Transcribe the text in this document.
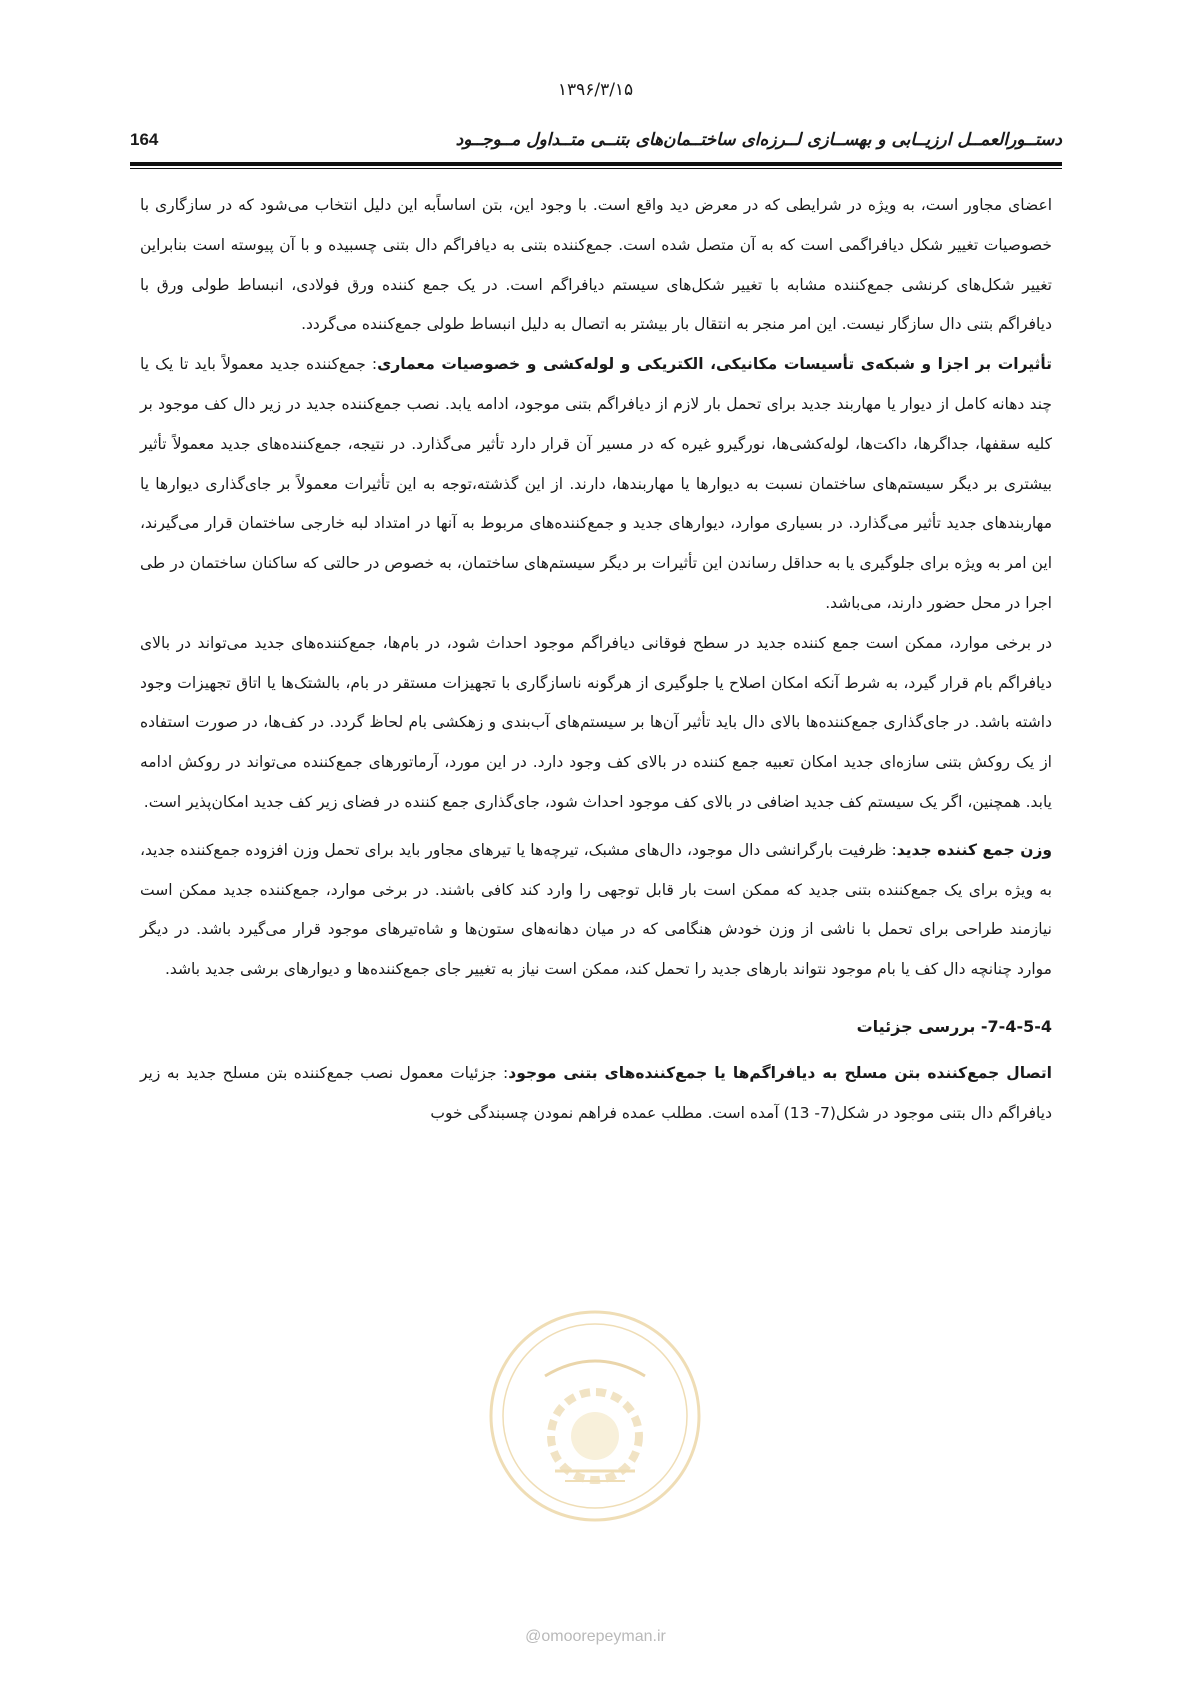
۱۳۹۶/۳/۱۵
دستــورالعمــل ارزیــابی و بهســازی لــرزه‌ای ساختــمان‌های بتنــی متــداول مــوجــود
164

اعضای مجاور است، به ویژه در شرایطی که در معرض دید واقع است. با وجود این، بتن اساساًبه این دلیل انتخاب می‌شود که در سازگاری با خصوصیات تغییر شکل دیافراگمی است که به آن متصل شده است. جمع‌کننده بتنی به دیافراگم دال بتنی چسبیده و با آن پیوسته است بنابراین تغییر شکل‌های کرنشی جمع‌کننده مشابه با تغییر شکل‌های سیستم دیافراگم است. در یک جمع کننده ورق فولادی، انبساط طولی ورق با دیافراگم بتنی دال سازگار نیست. این امر منجر به انتقال بار بیشتر به اتصال به دلیل انبساط طولی جمع‌کننده می‌گردد.

تأثیرات بر اجزا و شبکه‌ی تأسیسات مکانیکی، الکتریکی و لوله‌کشی و خصوصیات معماری: جمع‌کننده جدید معمولاً باید تا یک یا چند دهانه کامل از دیوار یا مهاربند جدید برای تحمل بار لازم از دیافراگم بتنی موجود، ادامه یابد. نصب جمع‌کننده جدید در زیر دال کف موجود بر کلیه سقفها، جداگرها، داکت‌ها، لوله‌کشی‌ها، نورگیرو غیره که در مسیر آن قرار دارد تأثیر می‌گذارد. در نتیجه، جمع‌کننده‌های جدید معمولاً تأثیر بیشتری بر دیگر سیستم‌های ساختمان نسبت به دیوارها یا مهاربندها، دارند. از این گذشته،توجه به این تأثیرات معمولاً بر جای‌گذاری دیوارها یا مهاربندهای جدید تأثیر می‌گذارد. در بسیاری موارد، دیوارهای جدید و جمع‌کننده‌های مربوط به آنها در امتداد لبه خارجی ساختمان قرار می‌گیرند، این امر به ویژه برای جلوگیری یا به حداقل رساندن این تأثیرات بر دیگر سیستم‌های ساختمان، به خصوص در حالتی که ساکنان ساختمان در طی اجرا در محل حضور دارند، می‌باشد.

در برخی موارد، ممکن است جمع کننده جدید در سطح فوقانی دیافراگم موجود احداث شود، در بام‌ها، جمع‌کننده‌های جدید می‌تواند در بالای دیافراگم بام قرار گیرد، به شرط آنکه امکان اصلاح یا جلوگیری از هرگونه ناسازگاری با تجهیزات مستقر در بام، بالشتک‌ها یا اتاق تجهیزات وجود داشته باشد. در جای‌گذاری جمع‌کننده‌ها بالای دال باید تأثیر آن‌ها بر سیستم‌های آب‌بندی و زهکشی بام لحاظ گردد. در کف‌ها، در صورت استفاده از یک روکش بتنی سازه‌ای جدید امکان تعبیه جمع کننده در بالای کف وجود دارد. در این مورد، آرماتورهای جمع‌کننده می‌تواند در روکش ادامه یابد. همچنین، اگر یک سیستم کف جدید اضافی در بالای کف موجود احداث شود، جای‌گذاری جمع کننده در فضای زیر کف جدید امکان‌پذیر است.

وزن جمع کننده جدید: ظرفیت بارگرانشی دال موجود، دال‌های مشبک، تیرچه‌ها یا تیرهای مجاور باید برای تحمل وزن افزوده جمع‌کننده جدید، به ویژه برای یک جمع‌کننده بتنی جدید که ممکن است بار قابل توجهی را وارد کند کافی باشند. در برخی موارد، جمع‌کننده جدید ممکن است نیازمند طراحی برای تحمل با ناشی از وزن خودش هنگامی که در میان دهانه‌های ستون‌ها و شاه‌تیرهای موجود قرار می‌گیرد باشد. در دیگر موارد چنانچه دال کف یا بام موجود نتواند بارهای جدید را تحمل کند، ممکن است نیاز به تغییر جای جمع‌کننده‌ها و دیوارهای برشی جدید باشد.

7-4-5-4- بررسی جزئیات

اتصال جمع‌کننده بتن مسلح به دیافراگم‌ها یا جمع‌کننده‌های بتنی موجود: جزئیات معمول نصب جمع‌کننده بتن مسلح جدید به زیر دیافراگم دال بتنی موجود در شکل(7- 13) آمده است. مطلب عمده فراهم نمودن چسبندگی خوب

@omoorepeyman.ir
